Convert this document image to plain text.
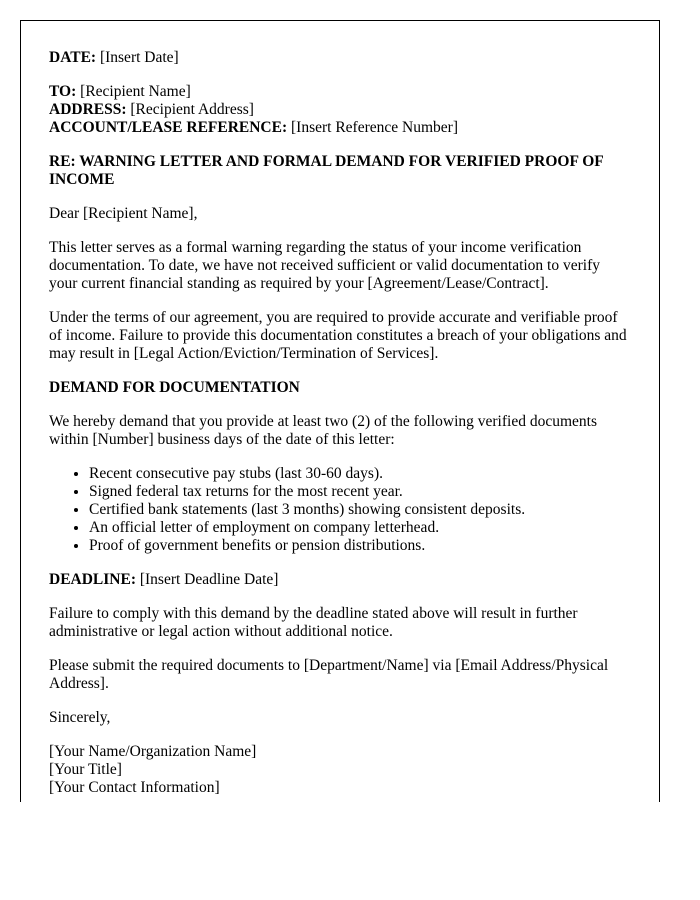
DATE: [Insert Date]
TO: [Recipient Name]
ADDRESS: [Recipient Address]
ACCOUNT/LEASE REFERENCE: [Insert Reference Number]
RE: WARNING LETTER AND FORMAL DEMAND FOR VERIFIED PROOF OF INCOME
Dear [Recipient Name],
This letter serves as a formal warning regarding the status of your income verification documentation. To date, we have not received sufficient or valid documentation to verify your current financial standing as required by your [Agreement/Lease/Contract].
Under the terms of our agreement, you are required to provide accurate and verifiable proof of income. Failure to provide this documentation constitutes a breach of your obligations and may result in [Legal Action/Eviction/Termination of Services].
DEMAND FOR DOCUMENTATION
We hereby demand that you provide at least two (2) of the following verified documents within [Number] business days of the date of this letter:
• Recent consecutive pay stubs (last 30-60 days).
• Signed federal tax returns for the most recent year.
• Certified bank statements (last 3 months) showing consistent deposits.
• An official letter of employment on company letterhead.
• Proof of government benefits or pension distributions.
DEADLINE: [Insert Deadline Date]
Failure to comply with this demand by the deadline stated above will result in further administrative or legal action without additional notice.
Please submit the required documents to [Department/Name] via [Email Address/Physical Address].
Sincerely,
[Your Name/Organization Name]
[Your Title]
[Your Contact Information]
